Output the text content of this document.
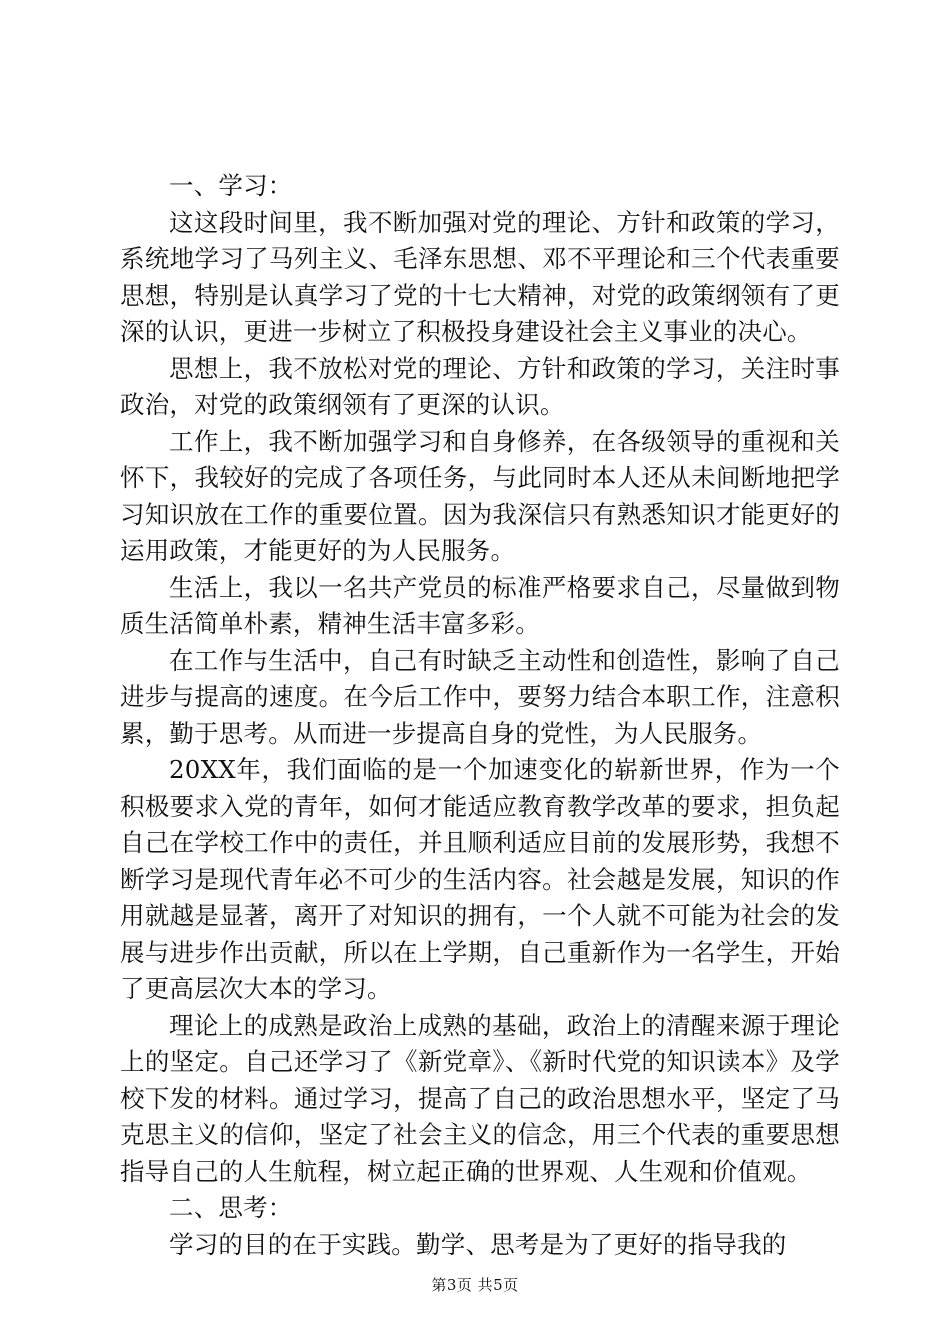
一、学习：

这这段时间里，我不断加强对党的理论、方针和政策的学习，系统地学习了马列主义、毛泽东思想、邓不平理论和三个代表重要思想，特别是认真学习了党的十七大精神，对党的政策纲领有了更深的认识，更进一步树立了积极投身建设社会主义事业的决心。

思想上，我不放松对党的理论、方针和政策的学习，关注时事政治，对党的政策纲领有了更深的认识。

工作上，我不断加强学习和自身修养，在各级领导的重视和关怀下，我较好的完成了各项任务，与此同时本人还从未间断地把学习知识放在工作的重要位置。因为我深信只有熟悉知识才能更好的运用政策，才能更好的为人民服务。

生活上，我以一名共产党员的标准严格要求自己，尽量做到物质生活简单朴素，精神生活丰富多彩。

在工作与生活中，自己有时缺乏主动性和创造性，影响了自己进步与提高的速度。在今后工作中，要努力结合本职工作，注意积累，勤于思考。从而进一步提高自身的党性，为人民服务。

20XX年，我们面临的是一个加速变化的崭新世界，作为一个积极要求入党的青年，如何才能适应教育教学改革的要求，担负起自己在学校工作中的责任，并且顺利适应目前的发展形势，我想不断学习是现代青年必不可少的生活内容。社会越是发展，知识的作用就越是显著，离开了对知识的拥有，一个人就不可能为社会的发展与进步作出贡献，所以在上学期，自己重新作为一名学生，开始了更高层次大本的学习。

理论上的成熟是政治上成熟的基础，政治上的清醒来源于理论上的坚定。自己还学习了《新党章》、《新时代党的知识读本》及学校下发的材料。通过学习，提高了自己的政治思想水平，坚定了马克思主义的信仰，坚定了社会主义的信念，用三个代表的重要思想指导自己的人生航程，树立起正确的世界观、人生观和价值观。

二、思考：

学习的目的在于实践。勤学、思考是为了更好的指导我的

第3页 共5页
